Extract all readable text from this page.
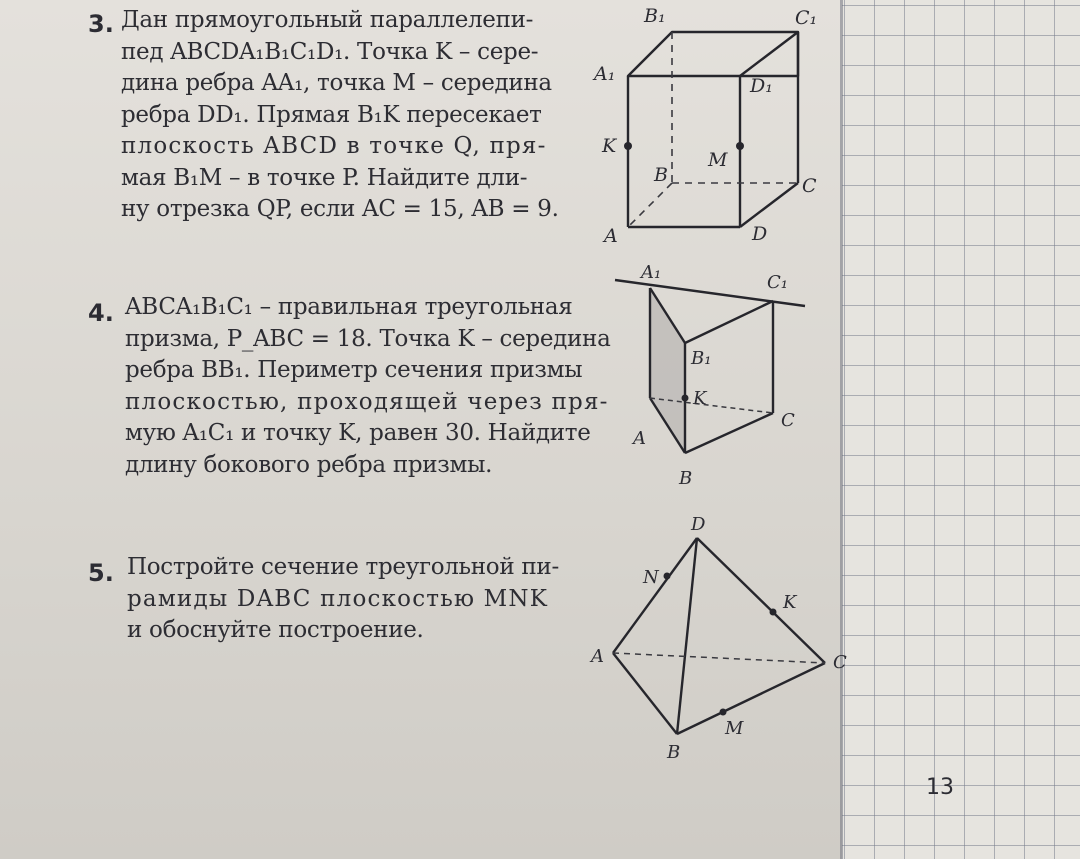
3. Дан прямоугольный параллелепи-
пед ABCDA₁B₁C₁D₁. Точка K – сере-
дина ребра AA₁, точка M – середина
ребра DD₁. Прямая B₁K пересекает
плоскость ABCD в точке Q, пря-
мая B₁M – в точке P. Найдите дли-
ну отрезка QP, если AC = 15, AB = 9.
B₁	C₁
A₁
D₁
K
M
B	C
A	D
4. ABCA₁B₁C₁ – правильная треугольная
призма, P_ABC = 18. Точка K – середина
ребра BB₁. Периметр сечения призмы
плоскостью, проходящей через пря-
мую A₁C₁ и точку K, равен 30. Найдите
длину бокового ребра призмы.
A₁	C₁
B₁
K
C
A
B
5. Постройте сечение треугольной пи-
рамиды DABC плоскостью MNK
и обоснуйте построение.
D
N
K
A	C
M
B
13
